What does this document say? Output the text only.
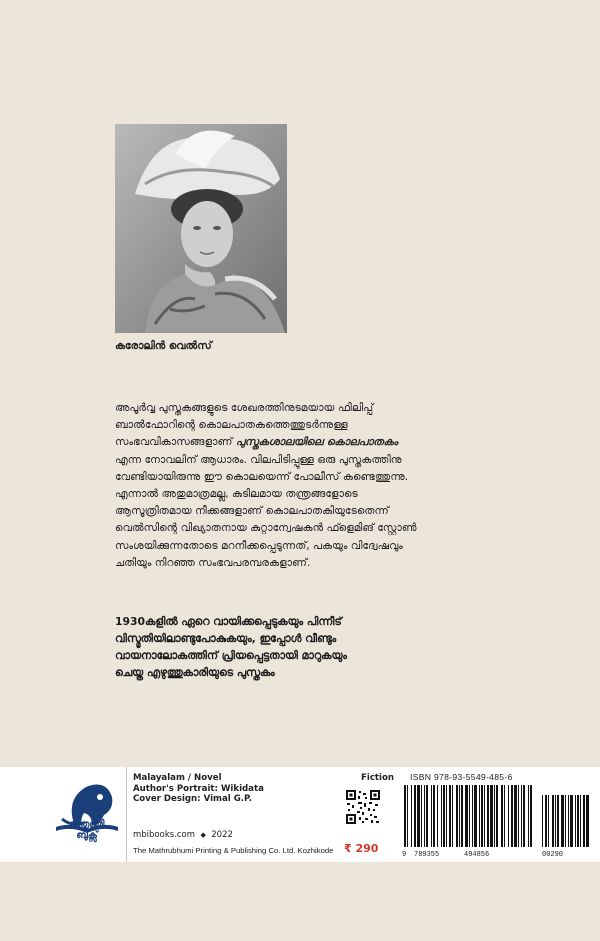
കരോലിൻ വെൽസ്

അപൂർവ്വ പുസ്തകങ്ങളുടെ ശേഖരത്തിനുടമയായ ഫിലിപ്പ്

ബാൽഫോറിന്റെ കൊലപാതകത്തെത്തുടർന്നുള്ള

സംഭവവികാസങ്ങളാണ് പുസ്തകശാലയിലെ കൊലപാതകം

എന്ന നോവലിന് ആധാരം. വിലപിടിപ്പുള്ള ഒരു പുസ്തകത്തിനു

വേണ്ടിയായിരുന്നു ഈ കൊലയെന്ന് പോലീസ് കണ്ടെത്തുന്നു.

എന്നാൽ അതുമാത്രമല്ല, കുടിലമായ തന്ത്രങ്ങളോടെ

ആസൂത്രിതമായ നീക്കങ്ങളാണ് കൊലപാതകിയുടേതെന്ന്

വെൽസിന്റെ വിഖ്യാതനായ കുറ്റാന്വേഷകൻ ഫ്ളെമിങ് സ്റ്റോൺ

സംശയിക്കുന്നതോടെ മറനീക്കപ്പെടുന്നത്, പകയും വിദ്വേഷവും

ചതിയും നിറഞ്ഞ സംഭവപരമ്പരകളാണ്.

1930കളിൽ ഏറെ വായിക്കപ്പെടുകയും പിന്നീട്
വിസ്മൃതിയിലാണ്ടുപോകുകയും, ഇപ്പോൾ വീണ്ടും
വായനാലോകത്തിന് പ്രിയപ്പെട്ടതായി മാറുകയും
ചെയ്ത എഴുത്തുകാരിയുടെ പുസ്തകം
മാതൃഭൂമി
ബുക്സ്
Malayalam / Novel
Author's Portrait: Wikidata
Cover Design: Vimal G.P.
mbibooks.com ◆ 2022
The Mathrubhumi Printing & Publishing Co. Ltd. Kozhikode
Fiction
₹ 290
ISBN 978-93-5549-485-6
9 789355	494856	00290
